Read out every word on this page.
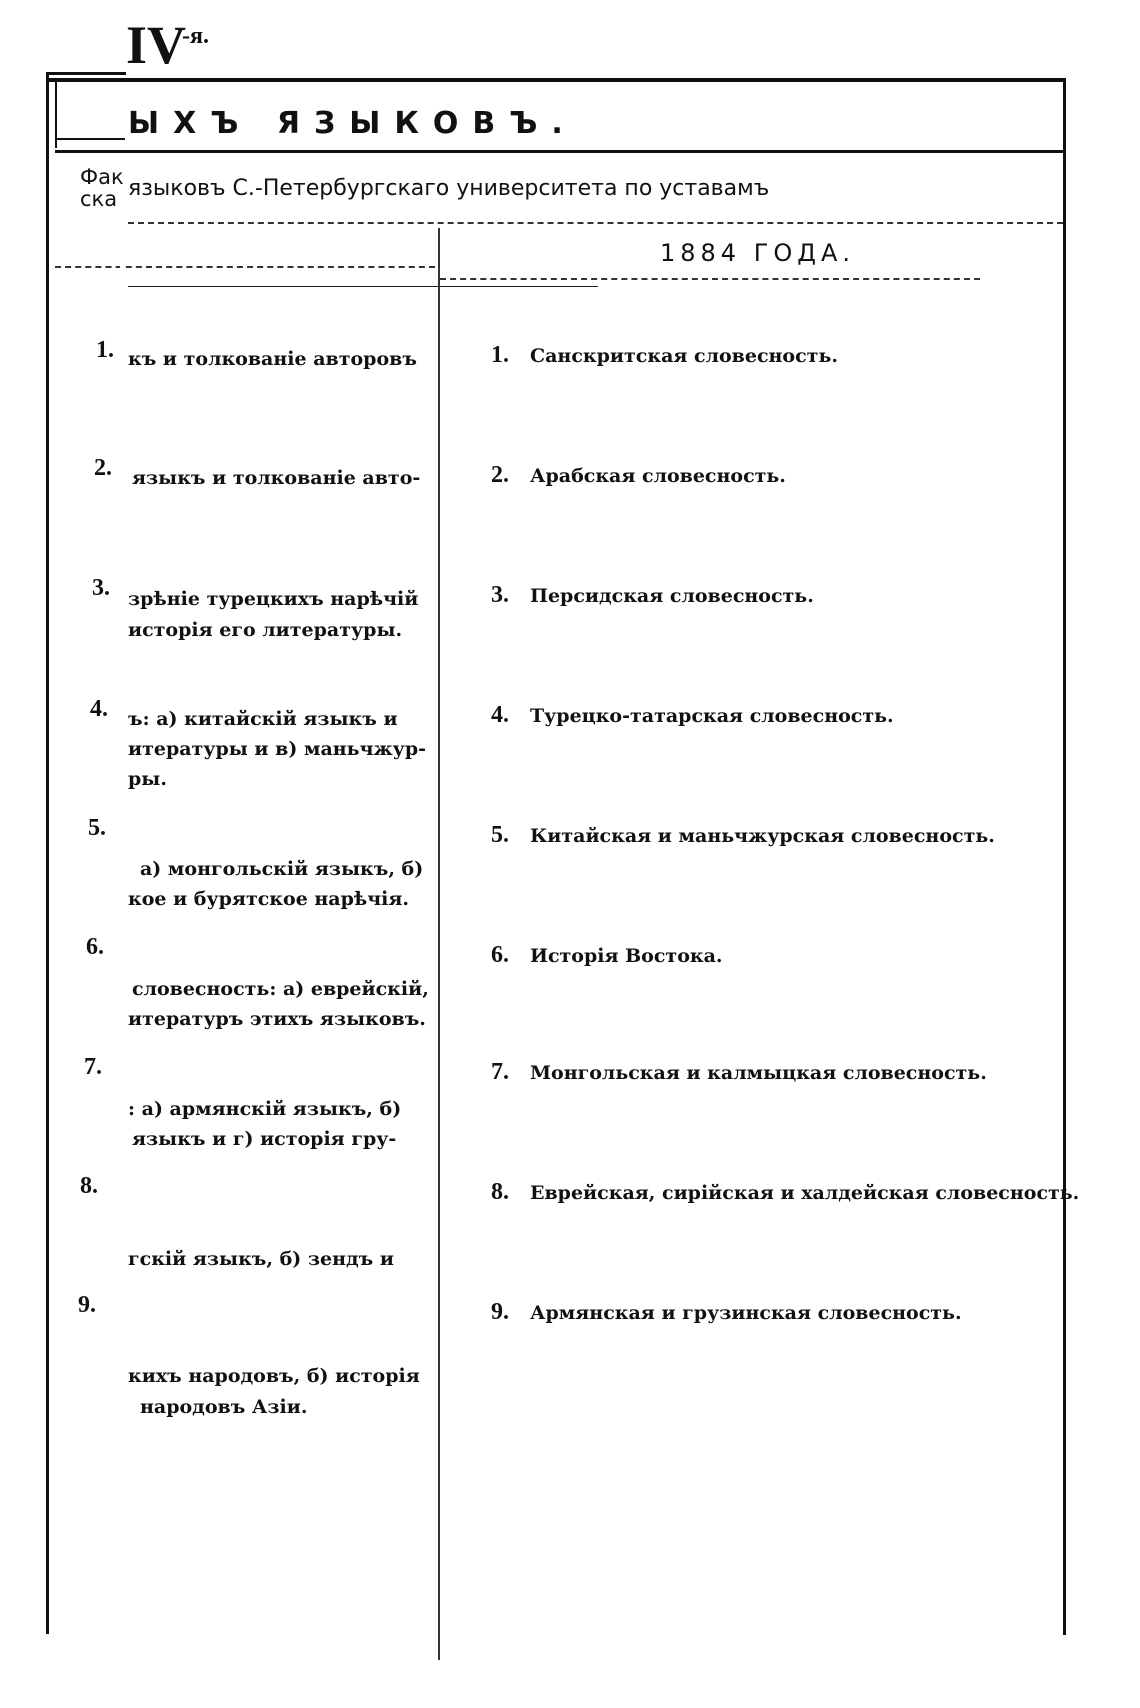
IV
-я.
ЫХЪ ЯЗЫКОВЪ.
Фак
ска языковъ С.-Петербургскаго университета по уставамъ
1884 ГОДА.
1. къ и толкованіе авторовъ
2. языкъ и толкованіе авто-
3. зрѣніе турецкихъ нарѣчій
исторія его литературы.
4. ъ: а) китайскій языкъ и
итературы и в) маньчжур-
ры.
5.
а) монгольскій языкъ, б)
кое и бурятское нарѣчія.
6.
словесность: а) еврейскій,
итературъ этихъ языковъ.
7.
: а) армянскій языкъ, б)
языкъ и г) исторія гру-
8.
гскій языкъ, б) зендъ и
9.
кихъ народовъ, б) исторія
народовъ Азіи.
1. Санскритская словесность.
2. Арабская словесность.
3. Персидская словесность.
4. Турецко-татарская словесность.
5. Китайская и маньчжурская словесность.
6. Исторія Востока.
7. Монгольская и калмыцкая словесность.
8. Еврейская, сирійская и халдейская словесность.
9. Армянская и грузинская словесность.
